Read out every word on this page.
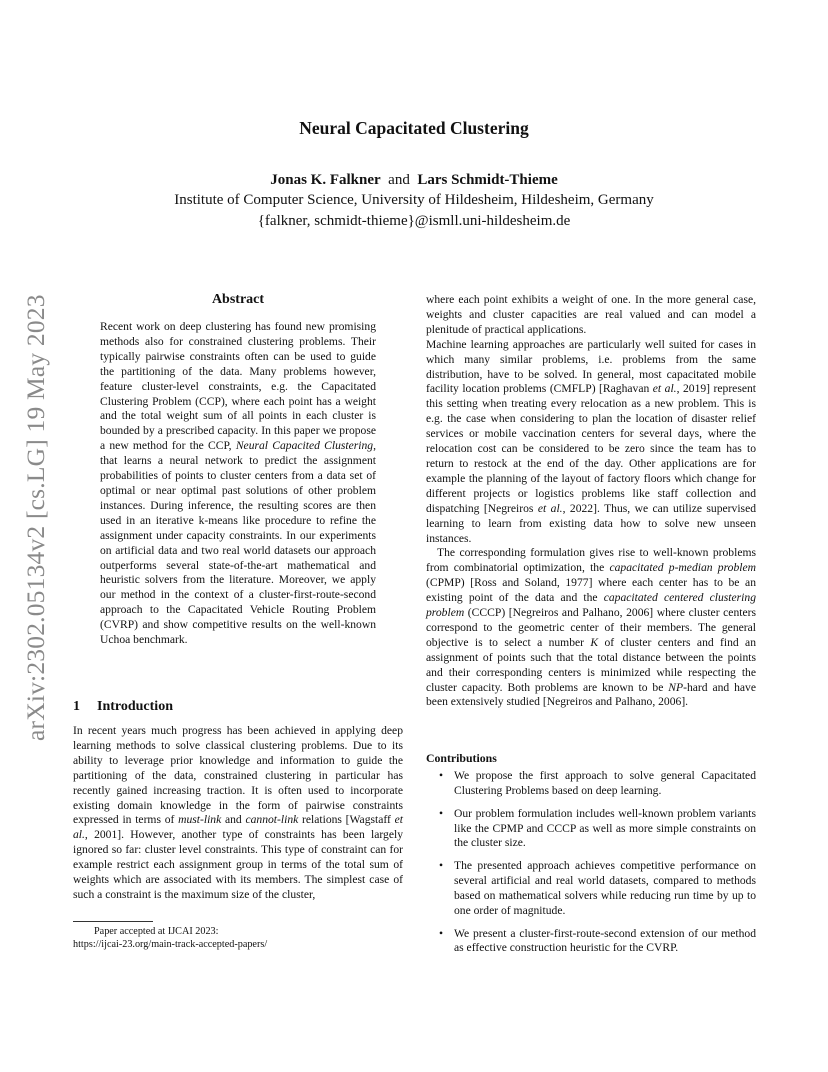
arXiv:2302.05134v2 [cs.LG] 19 May 2023
Neural Capacitated Clustering
Jonas K. Falkner and Lars Schmidt-Thieme
Institute of Computer Science, University of Hildesheim, Hildesheim, Germany
{falkner, schmidt-thieme}@ismll.uni-hildesheim.de
Abstract

Recent work on deep clustering has found new promising methods also for constrained clustering problems. Their typically pairwise constraints often can be used to guide the partitioning of the data. Many problems however, feature cluster-level constraints, e.g. the Capacitated Clustering Problem (CCP), where each point has a weight and the total weight sum of all points in each cluster is bounded by a prescribed capacity. In this paper we propose a new method for the CCP, Neural Capacited Clustering, that learns a neural network to predict the assignment probabilities of points to cluster centers from a data set of optimal or near optimal past solutions of other problem instances. During inference, the resulting scores are then used in an iterative k-means like procedure to refine the assignment under capacity constraints. In our experiments on artificial data and two real world datasets our approach outperforms several state-of-the-art mathematical and heuristic solvers from the literature. Moreover, we apply our method in the context of a cluster-first-route-second approach to the Capacitated Vehicle Routing Problem (CVRP) and show competitive results on the well-known Uchoa benchmark.

1 Introduction

In recent years much progress has been achieved in applying deep learning methods to solve classical clustering problems. Due to its ability to leverage prior knowledge and information to guide the partitioning of the data, constrained clustering in particular has recently gained increasing traction. It is often used to incorporate existing domain knowledge in the form of pairwise constraints expressed in terms of must-link and cannot-link relations [Wagstaff et al., 2001]. However, another type of constraints has been largely ignored so far: cluster level constraints. This type of constraint can for example restrict each assignment group in terms of the total sum of weights which are associated with its members. The simplest case of such a constraint is the maximum size of the cluster,

Paper accepted at IJCAI 2023:
https://ijcai-23.org/main-track-accepted-papers/

where each point exhibits a weight of one. In the more general case, weights and cluster capacities are real valued and can model a plenitude of practical applications.

Machine learning approaches are particularly well suited for cases in which many similar problems, i.e. problems from the same distribution, have to be solved. In general, most capacitated mobile facility location problems (CMFLP) [Raghavan et al., 2019] represent this setting when treating every relocation as a new problem. This is e.g. the case when considering to plan the location of disaster relief services or mobile vaccination centers for several days, where the relocation cost can be considered to be zero since the team has to return to restock at the end of the day. Other applications are for example the planning of the layout of factory floors which change for different projects or logistics problems like staff collection and dispatching [Negreiros et al., 2022]. Thus, we can utilize supervised learning to learn from existing data how to solve new unseen instances.

The corresponding formulation gives rise to well-known problems from combinatorial optimization, the capacitated p-median problem (CPMP) [Ross and Soland, 1977] where each center has to be an existing point of the data and the capacitated centered clustering problem (CCCP) [Negreiros and Palhano, 2006] where cluster centers correspond to the geometric center of their members. The general objective is to select a number K of cluster centers and find an assignment of points such that the total distance between the points and their corresponding centers is minimized while respecting the cluster capacity. Both problems are known to be NP-hard and have been extensively studied [Negreiros and Palhano, 2006].

Contributions
• We propose the first approach to solve general Capacitated Clustering Problems based on deep learning.
• Our problem formulation includes well-known problem variants like the CPMP and CCCP as well as more simple constraints on the cluster size.
• The presented approach achieves competitive performance on several artificial and real world datasets, compared to methods based on mathematical solvers while reducing run time by up to one order of magnitude.
• We present a cluster-first-route-second extension of our method as effective construction heuristic for the CVRP.
